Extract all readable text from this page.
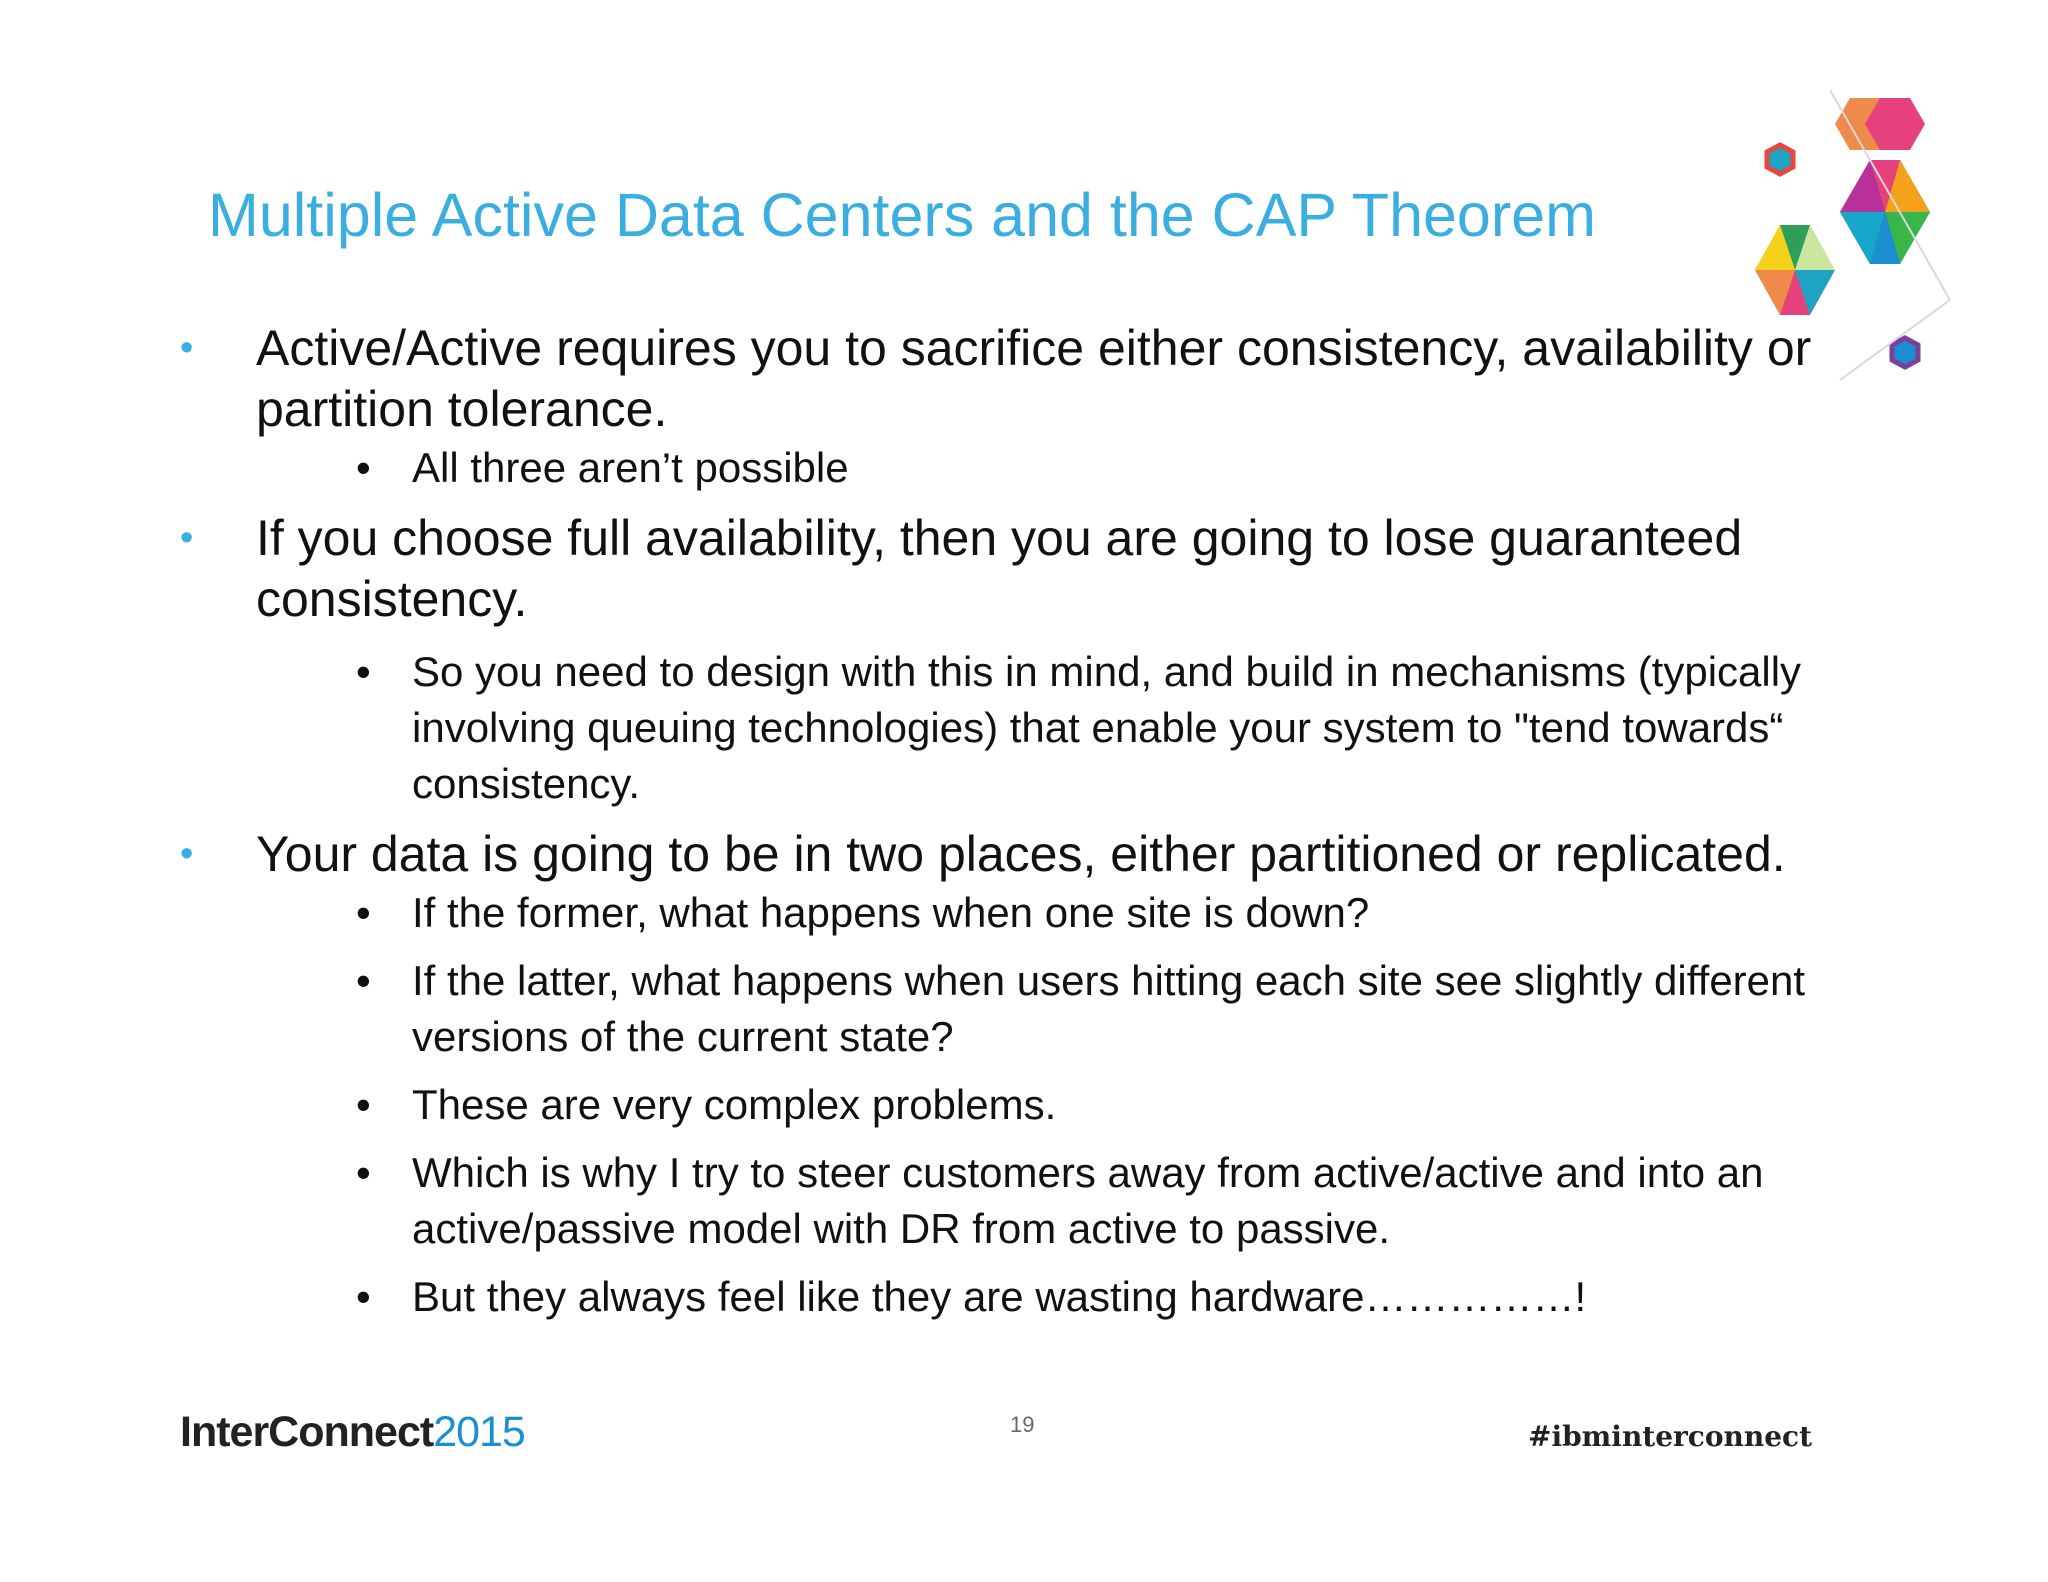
Multiple Active Data Centers and the CAP Theorem
• Active/Active requires you to sacrifice either consistency, availability or partition tolerance.
• All three aren’t possible
• If you choose full availability, then you are going to lose guaranteed consistency.
• So you need to design with this in mind, and build in mechanisms (typically involving queuing technologies) that enable your system to "tend towards“ consistency.
• Your data is going to be in two places, either partitioned or replicated.
• If the former, what happens when one site is down?
• If the latter, what happens when users hitting each site see slightly different versions of the current state?
• These are very complex problems.
• Which is why I try to steer customers away from active/active and into an active/passive model with DR from active to passive.
• But they always feel like they are wasting hardware……………!
InterConnect2015	19	#ibminterconnect
